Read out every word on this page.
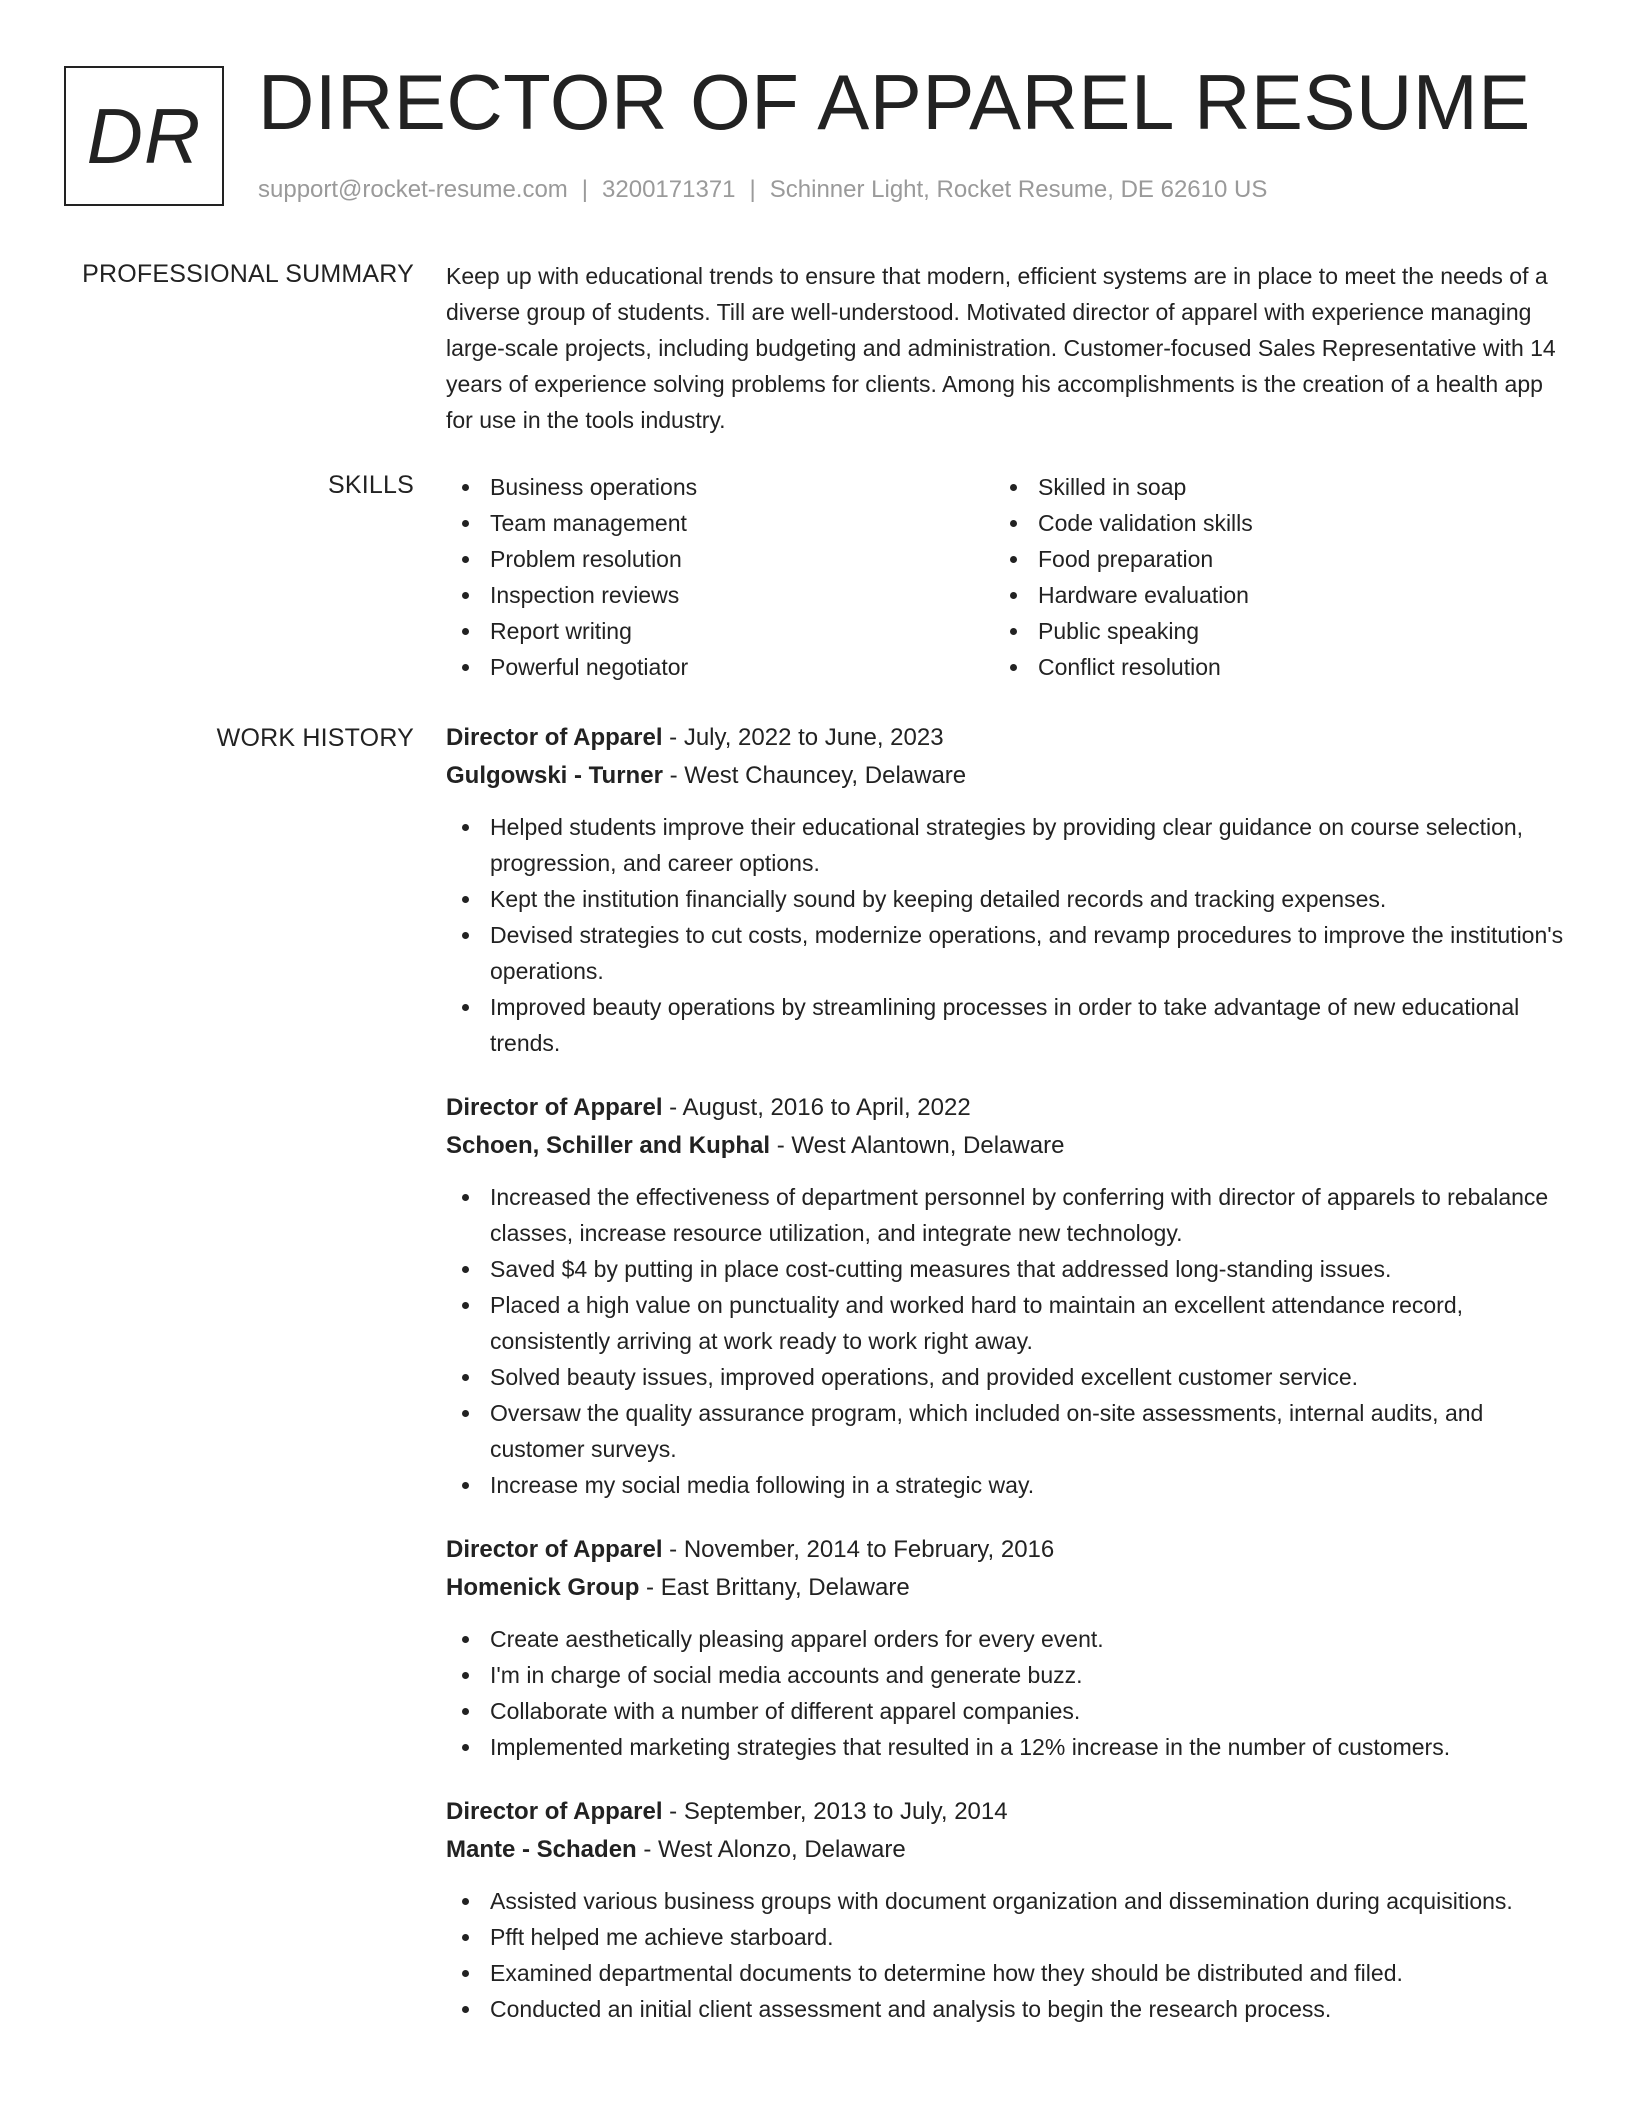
DR DIRECTOR OF APPAREL RESUME
support@rocket-resume.com | 3200171371 | Schinner Light, Rocket Resume, DE 62610 US
PROFESSIONAL SUMMARY Keep up with educational trends to ensure that modern, efficient systems are in place to meet the needs of a diverse group of students. Till are well-understood. Motivated director of apparel with experience managing large-scale projects, including budgeting and administration. Customer-focused Sales Representative with 14 years of experience solving problems for clients. Among his accomplishments is the creation of a health app for use in the tools industry.

SKILLS	Business operations
Team management
Problem resolution
Inspection reviews
Report writing
Powerful negotiator
Skilled in soap
Code validation skills
Food preparation
Hardware evaluation
Public speaking
Conflict resolution
WORK HISTORY Director of Apparel - July, 2022 to June, 2023
Gulgowski - Turner - West Chauncey, Delaware
Helped students improve their educational strategies by providing clear guidance on course selection, progression, and career options.
Kept the institution financially sound by keeping detailed records and tracking expenses.
Devised strategies to cut costs, modernize operations, and revamp procedures to improve the institution's operations.
Improved beauty operations by streamlining processes in order to take advantage of new educational trends.
Director of Apparel - August, 2016 to April, 2022
Schoen, Schiller and Kuphal - West Alantown, Delaware
Increased the effectiveness of department personnel by conferring with director of apparels to rebalance classes, increase resource utilization, and integrate new technology.
Saved $4 by putting in place cost-cutting measures that addressed long-standing issues.
Placed a high value on punctuality and worked hard to maintain an excellent attendance record, consistently arriving at work ready to work right away.
Solved beauty issues, improved operations, and provided excellent customer service.
Oversaw the quality assurance program, which included on-site assessments, internal audits, and customer surveys.
Increase my social media following in a strategic way.
Director of Apparel - November, 2014 to February, 2016
Homenick Group - East Brittany, Delaware
Create aesthetically pleasing apparel orders for every event.
I'm in charge of social media accounts and generate buzz.
Collaborate with a number of different apparel companies.
Implemented marketing strategies that resulted in a 12% increase in the number of customers.
Director of Apparel - September, 2013 to July, 2014
Mante - Schaden - West Alonzo, Delaware
Assisted various business groups with document organization and dissemination during acquisitions.
Pfft helped me achieve starboard.
Examined departmental documents to determine how they should be distributed and filed.
Conducted an initial client assessment and analysis to begin the research process.
